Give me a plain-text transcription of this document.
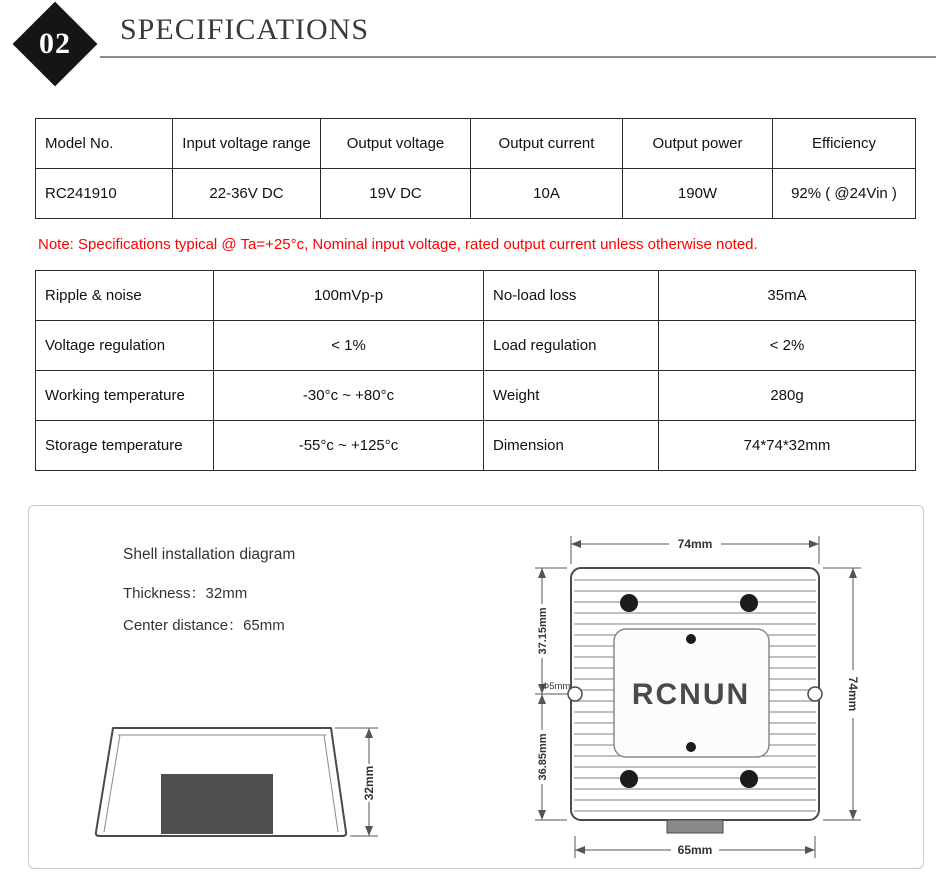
02	SPECIFICATIONS
Model No.	Input voltage range	Output voltage	Output current	Output power	Efficiency
RC241910	22-36V DC	19V DC	10A	190W	92% ( @24Vin )

Note: Specifications typical @ Ta=+25°c, Nominal input voltage, rated output current unless otherwise noted.

Ripple & noise	100mVp-p	No-load loss	35mA
Voltage regulation	< 1%	Load regulation	< 2%
Working temperature	-30°c ~ +80°c	Weight	280g
Storage temperature	-55°c ~ +125°c	Dimension	74*74*32mm
Shell installation diagram
Thickness：32mm
Center distance：65mm
32mm
RCNUN
74mm
74mm
37.15mm
36.85mm
Φ5mm
65mm
